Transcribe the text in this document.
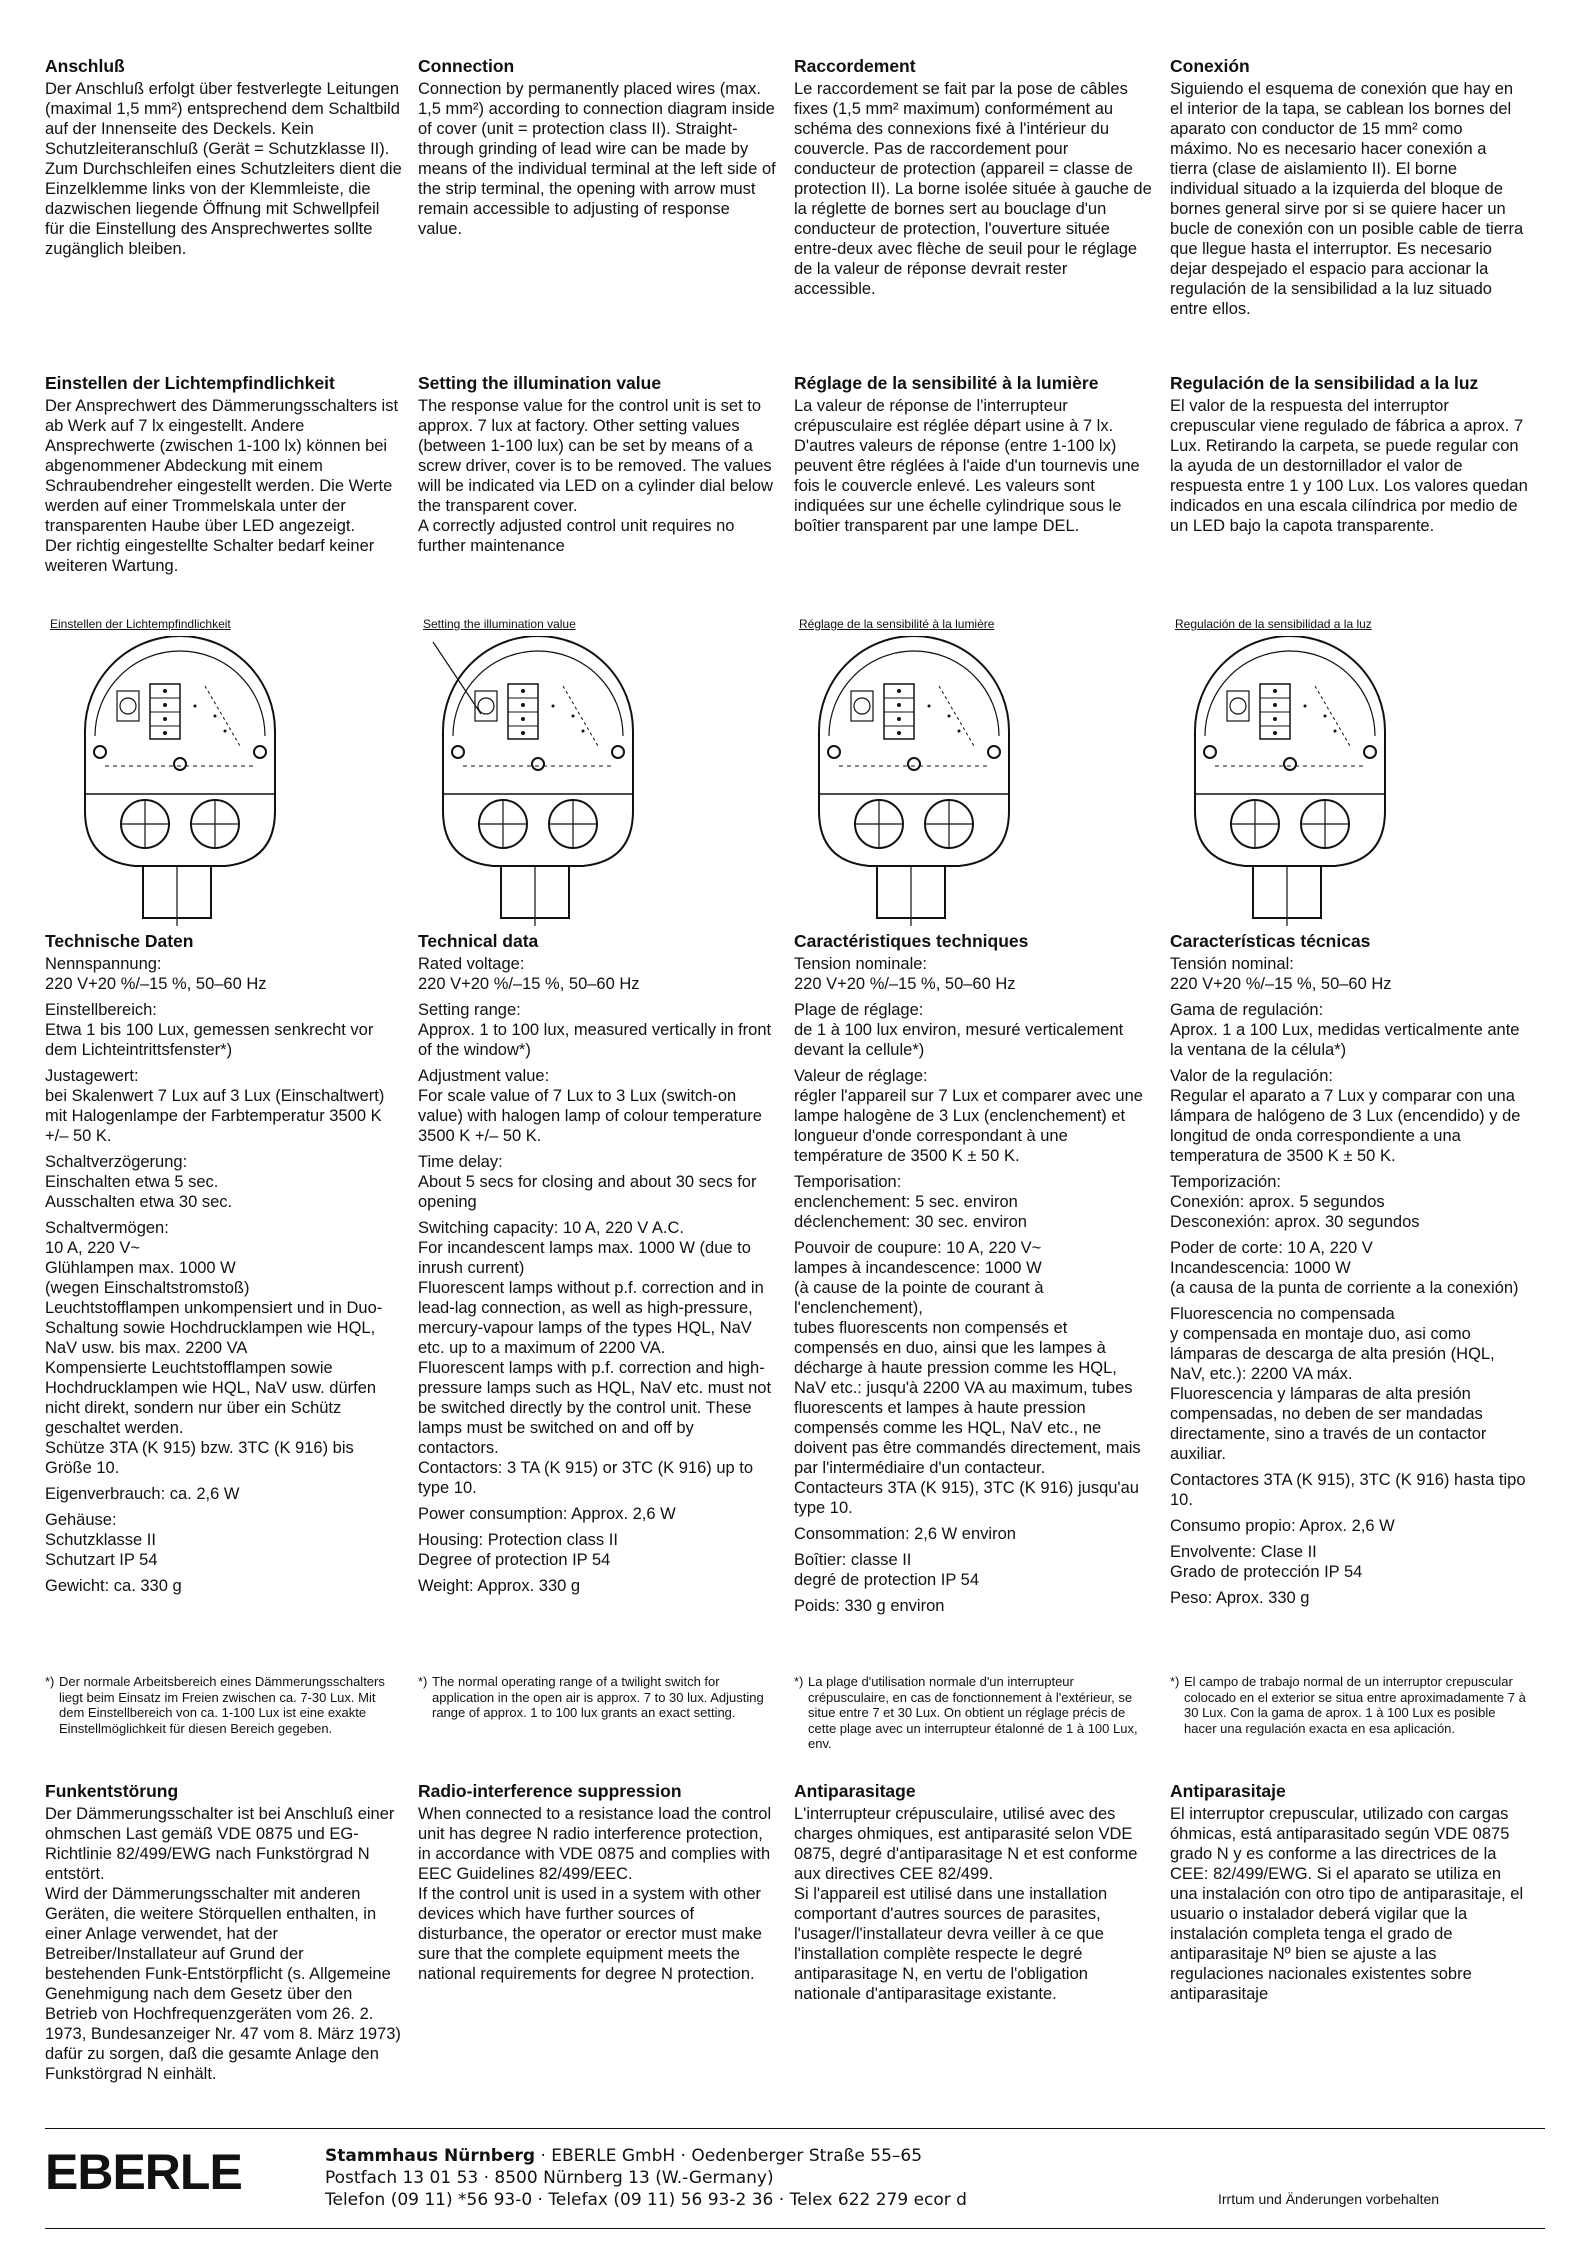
Anschluß

Der Anschluß erfolgt über festverlegte Leitungen (maximal 1,5 mm²) entsprechend dem Schaltbild auf der Innenseite des Deckels. Kein Schutzleiteranschluß (Gerät = Schutzklasse II). Zum Durchschleifen eines Schutzleiters dient die Einzelklemme links von der Klemmleiste, die dazwischen liegende Öffnung mit Schwellpfeil für die Einstellung des Ansprechwertes sollte zugänglich bleiben.

Einstellen der Lichtempfindlichkeit

Der Ansprechwert des Dämmerungsschalters ist ab Werk auf 7 lx eingestellt. Andere Ansprechwerte (zwischen 1-100 lx) können bei abgenommener Abdeckung mit einem Schraubendreher eingestellt werden. Die Werte werden auf einer Trommelskala unter der transparenten Haube über LED angezeigt.
Der richtig eingestellte Schalter bedarf keiner weiteren Wartung.

Einstellen der Lichtempfindlichkeit
Technische Daten

Nennspannung:
220 V+20 %/–15 %, 50–60 Hz

Einstellbereich:
Etwa 1 bis 100 Lux, gemessen senkrecht vor dem Lichteintrittsfenster*)

Justagewert:
bei Skalenwert 7 Lux auf 3 Lux (Einschaltwert) mit Halogenlampe der Farbtemperatur 3500 K +/– 50 K.

Schaltverzögerung:
Einschalten etwa 5 sec.
Ausschalten etwa 30 sec.

Schaltvermögen:
10 A, 220 V~
Glühlampen max. 1000 W
(wegen Einschaltstromstoß)
Leuchtstofflampen unkompensiert und in Duo-Schaltung sowie Hochdrucklampen wie HQL, NaV usw. bis max. 2200 VA
Kompensierte Leuchtstofflampen sowie Hochdrucklampen wie HQL, NaV usw. dürfen nicht direkt, sondern nur über ein Schütz geschaltet werden.
Schütze 3TA (K 915) bzw. 3TC (K 916) bis Größe 10.

Eigenverbrauch: ca. 2,6 W

Gehäuse:
Schutzklasse II
Schutzart IP 54

Gewicht: ca. 330 g

*) Der normale Arbeitsbereich eines Dämmerungsschalters liegt beim Einsatz im Freien zwischen ca. 7-30 Lux. Mit dem Einstellbereich von ca. 1-100 Lux ist eine exakte Einstellmöglichkeit für diesen Bereich gegeben.
Funkentstörung

Der Dämmerungsschalter ist bei Anschluß einer ohmschen Last gemäß VDE 0875 und EG-Richtlinie 82/499/EWG nach Funkstörgrad N entstört.
Wird der Dämmerungsschalter mit anderen Geräten, die weitere Störquellen enthalten, in einer Anlage verwendet, hat der Betreiber/Installateur auf Grund der bestehenden Funk-Entstörpflicht (s. Allgemeine Genehmigung nach dem Gesetz über den Betrieb von Hochfrequenzgeräten vom 26. 2. 1973, Bundesanzeiger Nr. 47 vom 8. März 1973) dafür zu sorgen, daß die gesamte Anlage den Funkstörgrad N einhält.

Connection

Connection by permanently placed wires (max. 1,5 mm²) according to connection diagram inside of cover (unit = protection class II). Straight-through grinding of lead wire can be made by means of the individual terminal at the left side of the strip terminal, the opening with arrow must remain accessible to adjusting of response value.

Setting the illumination value

The response value for the control unit is set to approx. 7 lux at factory. Other setting values (between 1-100 lux) can be set by means of a screw driver, cover is to be removed. The values will be indicated via LED on a cylinder dial below the transparent cover.
A correctly adjusted control unit requires no further maintenance

Setting the illumination value
Technical data

Rated voltage:
220 V+20 %/–15 %, 50–60 Hz

Setting range:
Approx. 1 to 100 lux, measured vertically in front of the window*)

Adjustment value:
For scale value of 7 Lux to 3 Lux (switch-on value) with halogen lamp of colour temperature 3500 K +/– 50 K.

Time delay:
About 5 secs for closing and about 30 secs for opening

Switching capacity: 10 A, 220 V A.C.
For incandescent lamps max. 1000 W (due to inrush current)
Fluorescent lamps without p.f. correction and in lead-lag connection, as well as high-pressure, mercury-vapour lamps of the types HQL, NaV etc. up to a maximum of 2200 VA.
Fluorescent lamps with p.f. correction and high-pressure lamps such as HQL, NaV etc. must not be switched directly by the control unit. These lamps must be switched on and off by contactors.
Contactors: 3 TA (K 915) or 3TC (K 916) up to type 10.

Power consumption: Approx. 2,6 W

Housing: Protection class II
Degree of protection IP 54

Weight: Approx. 330 g

*) The normal operating range of a twilight switch for application in the open air is approx. 7 to 30 lux. Adjusting range of approx. 1 to 100 lux grants an exact setting.
Radio-interference suppression

When connected to a resistance load the control unit has degree N radio interference protection, in accordance with VDE 0875 and complies with EEC Guidelines 82/499/EEC.
If the control unit is used in a system with other devices which have further sources of disturbance, the operator or erector must make sure that the complete equipment meets the national requirements for degree N protection.

Raccordement

Le raccordement se fait par la pose de câbles fixes (1,5 mm² maximum) conformément au schéma des connexions fixé à l'intérieur du couvercle. Pas de raccordement pour conducteur de protection (appareil = classe de protection II). La borne isolée située à gauche de la réglette de bornes sert au bouclage d'un conducteur de protection, l'ouverture située entre-deux avec flèche de seuil pour le réglage de la valeur de réponse devrait rester accessible.

Réglage de la sensibilité à la lumière

La valeur de réponse de l'interrupteur crépusculaire est réglée départ usine à 7 lx. D'autres valeurs de réponse (entre 1-100 lx) peuvent être réglées à l'aide d'un tournevis une fois le couvercle enlevé. Les valeurs sont indiquées sur une échelle cylindrique sous le boîtier transparent par une lampe DEL.

Réglage de la sensibilité à la lumière
Caractéristiques techniques

Tension nominale:
220 V+20 %/–15 %, 50–60 Hz

Plage de réglage:
de 1 à 100 lux environ, mesuré verticalement devant la cellule*)

Valeur de réglage:
régler l'appareil sur 7 Lux et comparer avec une lampe halogène de 3 Lux (enclenchement) et longueur d'onde correspondant à une température de 3500 K ± 50 K.

Temporisation:
enclenchement: 5 sec. environ
déclenchement: 30 sec. environ

Pouvoir de coupure: 10 A, 220 V~
lampes à incandescence: 1000 W
(à cause de la pointe de courant à l'enclenchement),
tubes fluorescents non compensés et compensés en duo, ainsi que les lampes à décharge à haute pression comme les HQL, NaV etc.: jusqu'à 2200 VA au maximum, tubes fluorescents et lampes à haute pression compensés comme les HQL, NaV etc., ne doivent pas être commandés directement, mais par l'intermédiaire d'un contacteur.
Contacteurs 3TA (K 915), 3TC (K 916) jusqu'au type 10.

Consommation: 2,6 W environ

Boîtier: classe II
degré de protection IP 54

Poids: 330 g environ

*) La plage d'utilisation normale d'un interrupteur crépusculaire, en cas de fonctionnement à l'extérieur, se situe entre 7 et 30 Lux. On obtient un réglage précis de cette plage avec un interrupteur étalonné de 1 à 100 Lux, env.
Antiparasitage

L'interrupteur crépusculaire, utilisé avec des charges ohmiques, est antiparasité selon VDE 0875, degré d'antiparasitage N et est conforme aux directives CEE 82/499.
Si l'appareil est utilisé dans une installation comportant d'autres sources de parasites, l'usager/l'installateur devra veiller à ce que l'installation complète respecte le degré antiparasitage N, en vertu de l'obligation nationale d'antiparasitage existante.

Conexión

Siguiendo el esquema de conexión que hay en el interior de la tapa, se cablean los bornes del aparato con conductor de 15 mm² como máximo. No es necesario hacer conexión a tierra (clase de aislamiento II). El borne individual situado a la izquierda del bloque de bornes general sirve por si se quiere hacer un bucle de conexión con un posible cable de tierra que llegue hasta el interruptor. Es necesario dejar despejado el espacio para accionar la regulación de la sensibilidad a la luz situado entre ellos.

Regulación de la sensibilidad a la luz

El valor de la respuesta del interruptor crepuscular viene regulado de fábrica a aprox. 7 Lux. Retirando la carpeta, se puede regular con la ayuda de un destornillador el valor de respuesta entre 1 y 100 Lux. Los valores quedan indicados en una escala cilíndrica por medio de un LED bajo la capota transparente.

Regulación de la sensibilidad a la luz
Características técnicas

Tensión nominal:
220 V+20 %/–15 %, 50–60 Hz

Gama de regulación:
Aprox. 1 a 100 Lux, medidas verticalmente ante la ventana de la célula*)

Valor de la regulación:
Regular el aparato a 7 Lux y comparar con una lámpara de halógeno de 3 Lux (encendido) y de longitud de onda correspondiente a una temperatura de 3500 K ± 50 K.

Temporización:
Conexión: aprox. 5 segundos
Desconexión: aprox. 30 segundos

Poder de corte: 10 A, 220 V
Incandescencia: 1000 W
(a causa de la punta de corriente a la conexión)

Fluorescencia no compensada
y compensada en montaje duo, asi como lámparas de descarga de alta presión (HQL, NaV, etc.): 2200 VA máx.
Fluorescencia y lámparas de alta presión compensadas, no deben de ser mandadas directamente, sino a través de un contactor auxiliar.

Contactores 3TA (K 915), 3TC (K 916) hasta tipo 10.

Consumo propio: Aprox. 2,6 W

Envolvente: Clase II
Grado de protección IP 54

Peso: Aprox. 330 g

*) El campo de trabajo normal de un interruptor crepuscular colocado en el exterior se situa entre aproximadamente 7 à 30 Lux. Con la gama de aprox. 1 à 100 Lux es posible hacer una regulación exacta en esa aplicación.
Antiparasitaje

El interruptor crepuscular, utilizado con cargas óhmicas, está antiparasitado según VDE 0875 grado N y es conforme a las directrices de la CEE: 82/499/EWG. Si el aparato se utiliza en una instalación con otro tipo de antiparasitaje, el usuario o instalador deberá vigilar que la instalación completa tenga el grado de antiparasitaje Nº bien se ajuste a las regulaciones nacionales existentes sobre antiparasitaje

EBERLE	Stammhaus Nürnberg · EBERLE GmbH · Oedenberger Straße 55–65
Postfach 13 01 53 · 8500 Nürnberg 13 (W.-Germany)
Telefon (09 11) *56 93-0 · Telefax (09 11) 56 93-2 36 · Telex 622 279 ecor d	Irrtum und Änderungen vorbehalten
